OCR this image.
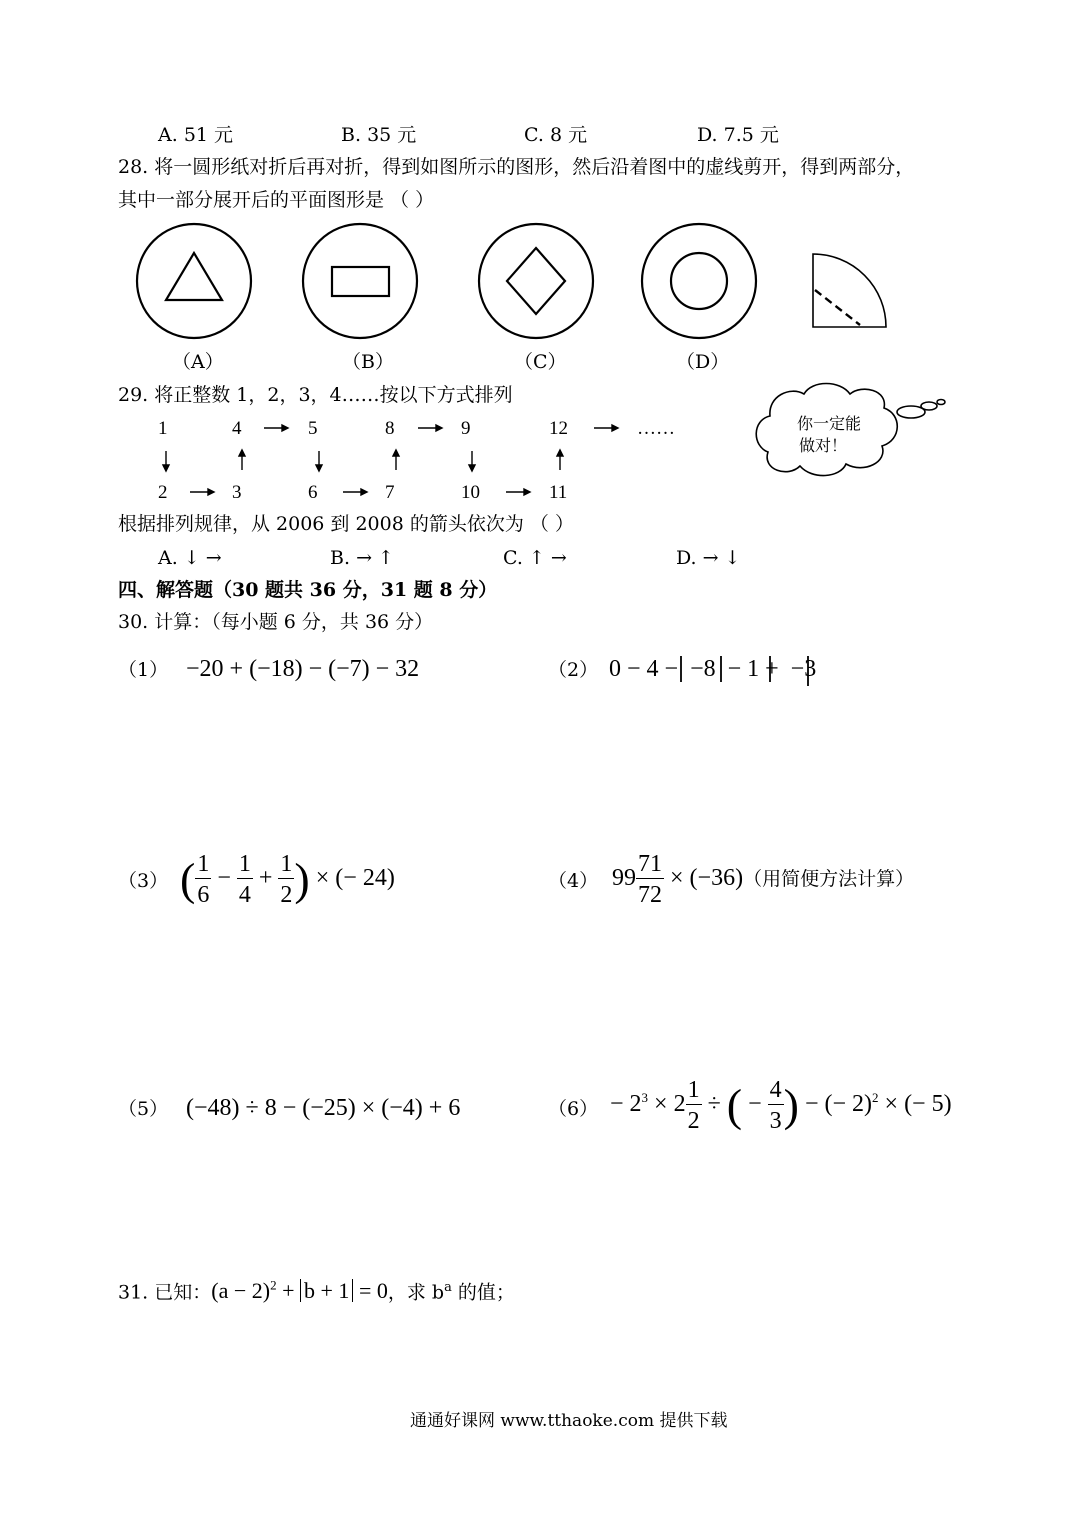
A. 51 元	B. 35 元	C. 8 元	D. 7.5 元
28. 将一圆形纸对折后再对折，得到如图所示的图形，然后沿着图中的虚线剪开，得到两部分，
其中一部分展开后的平面图形是 （ ）
（A）	（B）	（C）	（D）
29. 将正整数 1，2，3，4……按以下方式排列
1	4	5	8	9	12	……
2	3	6	7	10	11
你一定能
做对！
根据排列规律，从 2006 到 2008 的箭头依次为 （ ）
A. ↓ →	B. → ↑	C. ↑ →	D. → ↓
四、解答题（30 题共 36 分，31 题 8 分）
30. 计算：（每小题 6 分，共 36 分）
（1） −20 + (−18) − (−7) − 32	（2） 0 − 4 −  −8  − 1 +  −3
（3） ( $\frac{1}{6} - \frac{1}{4} + \frac{1}{2}$ ) × (− 24)	（4） $99 \frac{71}{72} \times (-36)$（用简便方法计算）
（5） (−48) ÷ 8 − (−25) × (−4) + 6	$(6) - 2^3 \times 2 \frac{1}{2}$ ÷ ( − $\frac{4}{3}$ ) − (− 2)$^2$ × (− 5)
31. 已知：$(a - 2)^2 + b + 1 = 0$，求 $b^a$ 的值；
通通好课网 www.tthaoke.com 提供下载
